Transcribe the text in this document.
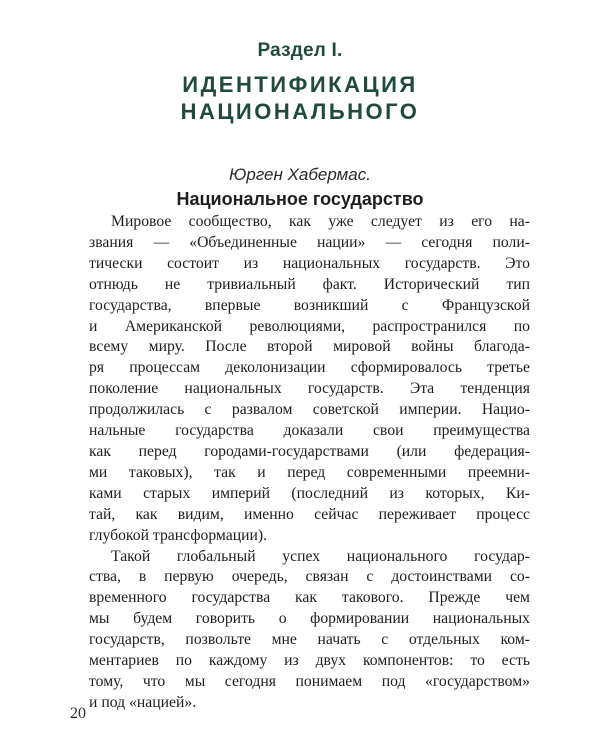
Раздел I.
ИДЕНТИФИКАЦИЯ
НАЦИОНАЛЬНОГО
Юрген Хабермас.
Национальное государство
Мировое сообщество, как уже следует из его на-
звания — «Объединенные нации» — сегодня поли-
тически состоит из национальных государств. Это
отнюдь не тривиальный факт. Исторический тип
государства, впервые возникший с Французской
и Американской революциями, распространился по
всему миру. После второй мировой войны благода-
ря процессам деколонизации сформировалось третье
поколение национальных государств. Эта тенденция
продолжилась с развалом советской империи. Нацио-
нальные государства доказали свои преимущества
как перед городами-государствами (или федерация-
ми таковых), так и перед современными преемни-
ками старых империй (последний из которых, Ки-
тай, как видим, именно сейчас переживает процесс
глубокой трансформации).
Такой глобальный успех национального государ-
ства, в первую очередь, связан с достоинствами со-
временного государства как такового. Прежде чем
мы будем говорить о формировании национальных
государств, позвольте мне начать с отдельных ком-
ментариев по каждому из двух компонентов: то есть
тому, что мы сегодня понимаем под «государством»
и под «нацией».
20
